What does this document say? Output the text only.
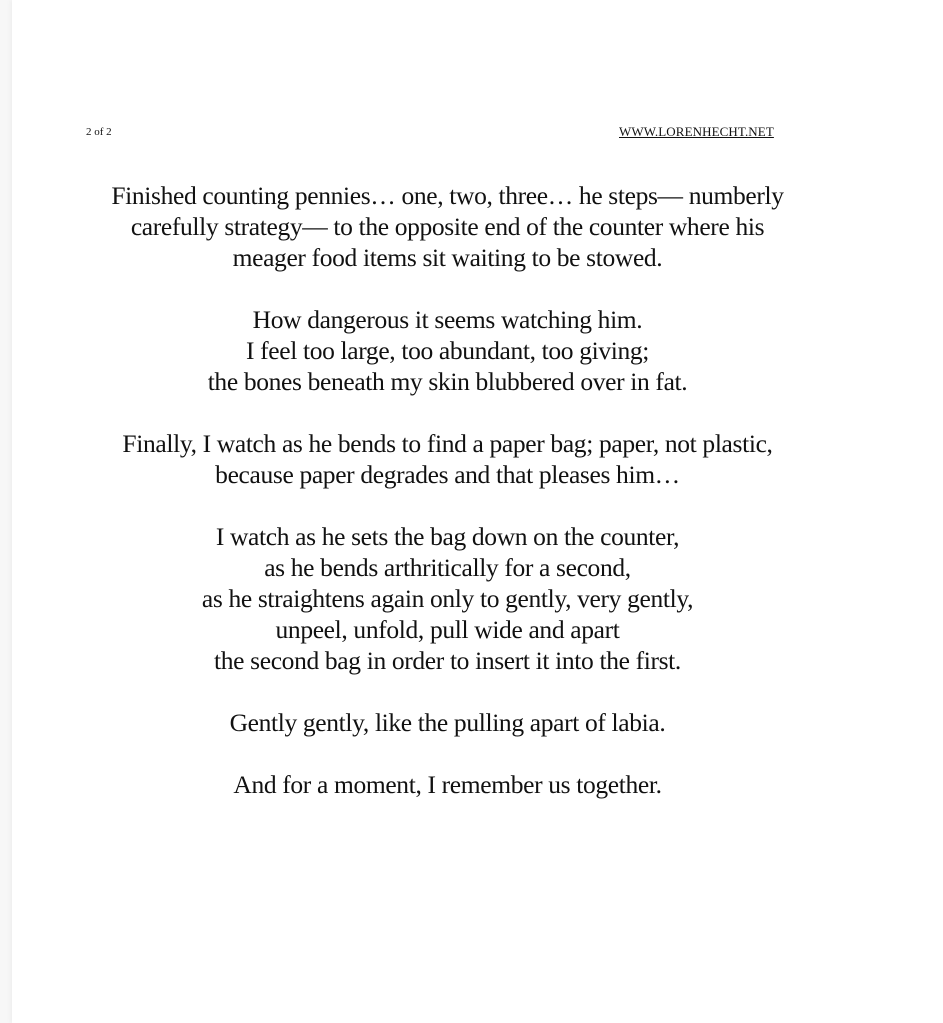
2 of 2	WWW.LORENHECHT.NET
Finished counting pennies… one, two, three… he steps— numberly
carefully strategy— to the opposite end of the counter where his
meager food items sit waiting to be stowed.
How dangerous it seems watching him.
I feel too large, too abundant, too giving;
the bones beneath my skin blubbered over in fat.
Finally, I watch as he bends to find a paper bag; paper, not plastic,
because paper degrades and that pleases him…
I watch as he sets the bag down on the counter,
as he bends arthritically for a second,
as he straightens again only to gently, very gently,
unpeel, unfold, pull wide and apart
the second bag in order to insert it into the first.
Gently gently, like the pulling apart of labia.
And for a moment, I remember us together.
